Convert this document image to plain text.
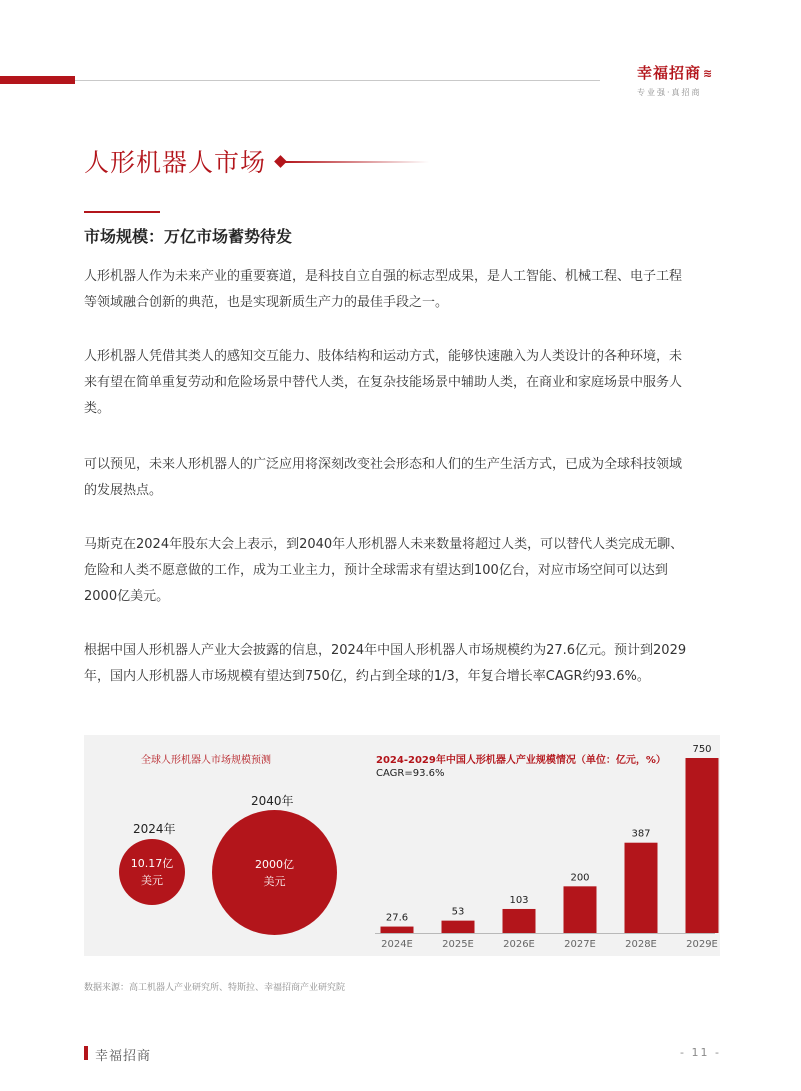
幸福招商 ≋
专业强·真招商
人形机器人市场
市场规模：万亿市场蓄势待发
人形机器人作为未来产业的重要赛道，是科技自立自强的标志型成果，是人工智能、机械工程、电子工程
等领域融合创新的典范，也是实现新质生产力的最佳手段之一。
人形机器人凭借其类人的感知交互能力、肢体结构和运动方式，能够快速融入为人类设计的各种环境，未
来有望在简单重复劳动和危险场景中替代人类，在复杂技能场景中辅助人类，在商业和家庭场景中服务人
类。
可以预见，未来人形机器人的广泛应用将深刻改变社会形态和人们的生产生活方式，已成为全球科技领域
的发展热点。
马斯克在2024年股东大会上表示，到2040年人形机器人未来数量将超过人类，可以替代人类完成无聊、
危险和人类不愿意做的工作，成为工业主力，预计全球需求有望达到100亿台，对应市场空间可以达到
2000亿美元。
根据中国人形机器人产业大会披露的信息，2024年中国人形机器人市场规模约为27.6亿元。预计到2029
年，国内人形机器人市场规模有望达到750亿，约占到全球的1/3，年复合增长率CAGR约93.6%。
全球人形机器人市场规模预测
2024年
2040年
10.17亿
美元
2000亿
美元
2024-2029年中国人形机器人产业规模情况（单位：亿元，%）
CAGR=93.6%
27.6
2024E
53
2025E
103
2026E
200
2027E
387
2028E
750
2029E
数据来源：高工机器人产业研究所、特斯拉、幸福招商产业研究院
幸福招商	- 11 -
